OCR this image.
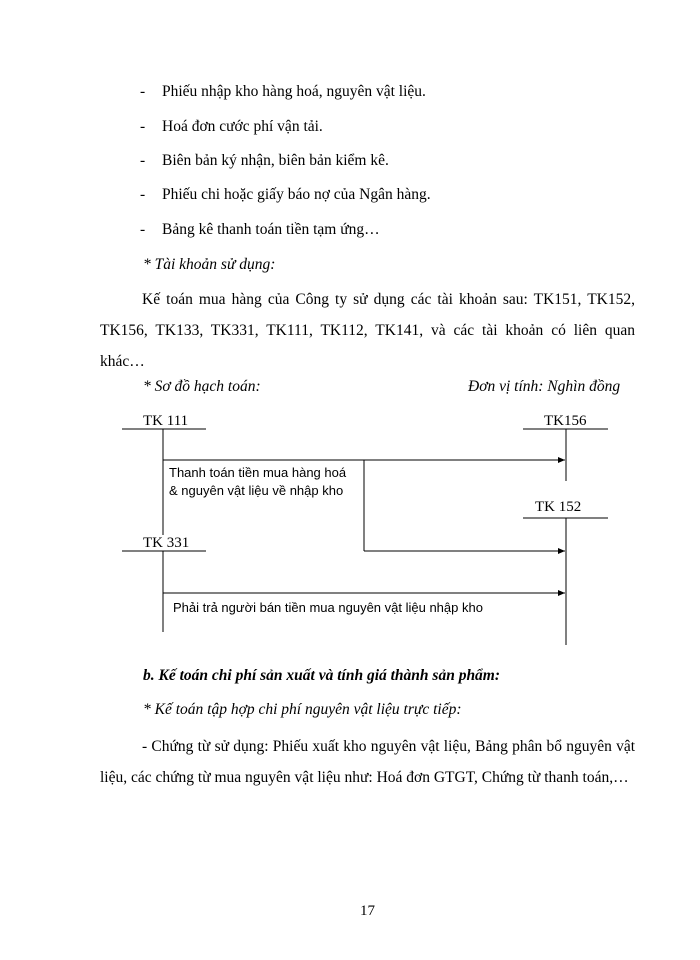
- Phiếu nhập kho hàng hoá, nguyên vật liệu.
- Hoá đơn cước phí vận tải.
- Biên bản ký nhận, biên bản kiểm kê.
- Phiếu chi hoặc giấy báo nợ của Ngân hàng.
- Bảng kê thanh toán tiền tạm ứng…
* Tài khoản sử dụng:
Kế toán mua hàng của Công ty sử dụng các tài khoản sau: TK151, TK152, TK156, TK133, TK331, TK111, TK112, TK141, và các tài khoản có liên quan khác…
* Sơ đồ hạch toán:	Đơn vị tính: Nghìn đồng
TK 111	TK156
TK 152
TK 331
Thanh toán tiền mua hàng hoá
& nguyên vật liệu về nhập kho
Phải trả người bán tiền mua nguyên vật liệu nhập kho
b. Kế toán chi phí sản xuất và tính giá thành sản phẩm:
* Kế toán tập hợp chi phí nguyên vật liệu trực tiếp:
- Chứng từ sử dụng: Phiếu xuất kho nguyên vật liệu, Bảng phân bổ nguyên vật liệu, các chứng từ mua nguyên vật liệu như: Hoá đơn GTGT, Chứng từ thanh toán,…
17
